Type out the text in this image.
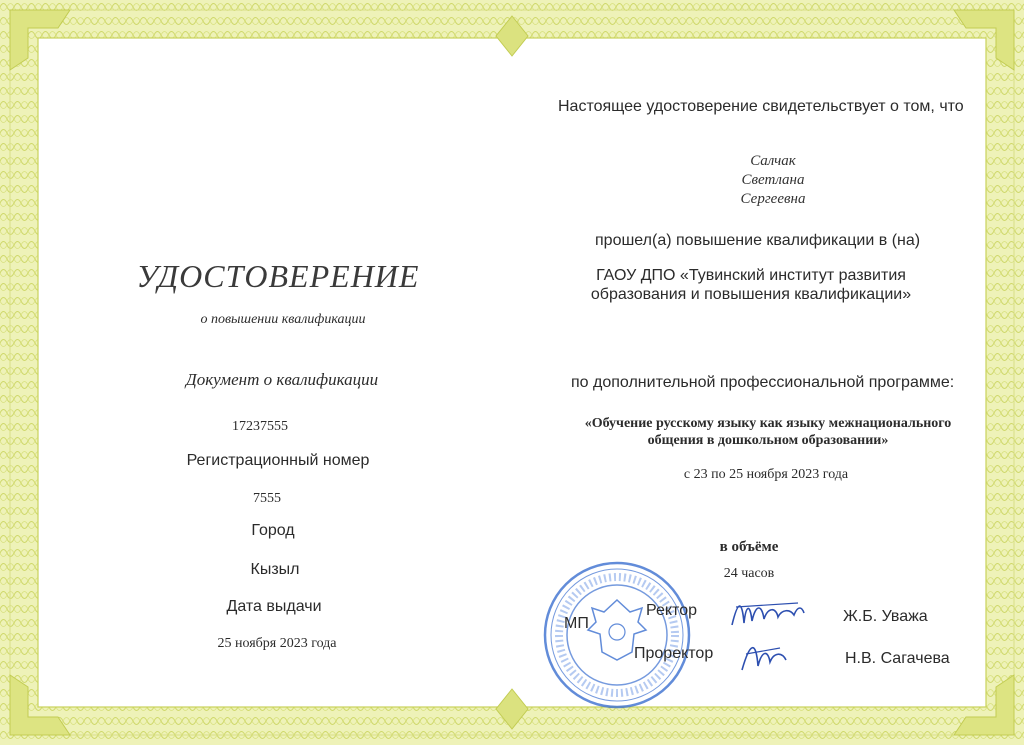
УДОСТОВЕРЕНИЕ
о повышении квалификации
Документ о квалификации
17237555
Регистрационный номер
7555
Город
Кызыл
Дата выдачи
25 ноября 2023 года
Настоящее удостоверение свидетельствует о том, что
Салчак
Светлана
Сергеевна
прошел(а) повышение квалификации в (на)
ГАОУ ДПО «Тувинский институт развития
образования и повышения квалификации»
по дополнительной профессиональной программе:
«Обучение русскому языку как языку межнационального
общения в дошкольном образовании»
с 23 по 25 ноября 2023 года
в объёме
24 часов
МП
Ректор
Проректор
Ж.Б. Уважа
Н.В. Сагачева
